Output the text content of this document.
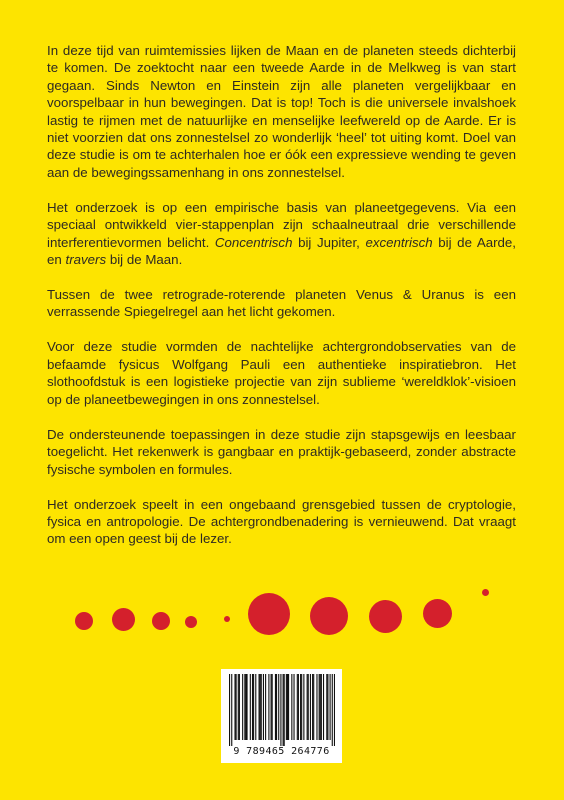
In deze tijd van ruimtemissies lijken de Maan en de planeten steeds dichterbij te komen. De zoektocht naar een tweede Aarde in de Melkweg is van start gegaan. Sinds Newton en Einstein zijn alle planeten vergelijkbaar en voorspelbaar in hun bewegingen. Dat is top! Toch is die universele invalshoek lastig te rijmen met de natuurlijke en menselijke leefwereld op de Aarde. Er is niet voorzien dat ons zonnestelsel zo wonderlijk ‘heel’ tot uiting komt. Doel van deze studie is om te achterhalen hoe er óók een expressieve wending te geven aan de bewegingssamenhang in ons zonnestelsel.

Het onderzoek is op een empirische basis van planeetgegevens. Via een speciaal ontwikkeld vier-stappenplan zijn schaalneutraal drie verschillende interferentievormen belicht. Concentrisch bij Jupiter, excentrisch bij de Aarde, en travers bij de Maan.

Tussen de twee retrograde-roterende planeten Venus & Uranus is een verrassende Spiegelregel aan het licht gekomen.

Voor deze studie vormden de nachtelijke achtergrondobservaties van de befaamde fysicus Wolfgang Pauli een authentieke inspiratiebron. Het slothoofdstuk is een logistieke projectie van zijn sublieme ‘wereldklok’-visioen op de planeetbewegingen in ons zonnestelsel.

De ondersteunende toepassingen in deze studie zijn stapsgewijs en leesbaar toegelicht. Het rekenwerk is gangbaar en praktijk-gebaseerd, zonder abstracte fysische symbolen en formules.

Het onderzoek speelt in een ongebaand grensgebied tussen de cryptologie, fysica en antropologie. De achtergrondbenadering is vernieuwend. Dat vraagt om een open geest bij de lezer.

9 789465 264776
